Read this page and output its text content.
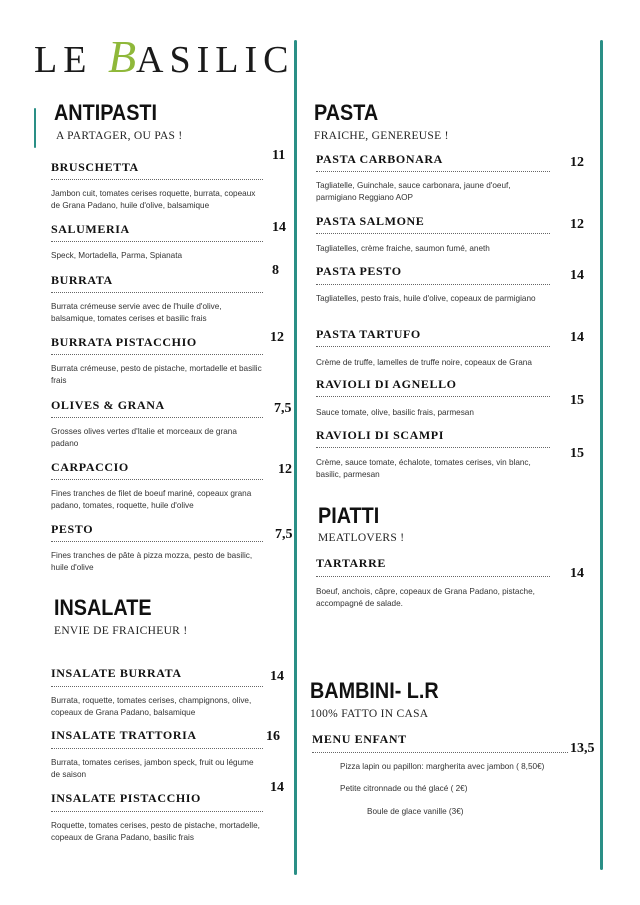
LE BASILIC
ANTIPASTI
A PARTAGER, OU PAS !
BRUSCHETTA
Jambon cuit, tomates cerises roquette, burrata, copeaux de Grana Padano, huile d'olive, balsamique
11
SALUMERIA
Speck, Mortadella, Parma, Spianata
14
BURRATA
Burrata crémeuse servie avec de l'huile d'olive, balsamique, tomates cerises et basilic frais
8
BURRATA PISTACCHIO
Burrata crémeuse, pesto de pistache, mortadelle et basilic frais
12
OLIVES & GRANA
Grosses olives vertes d'Italie et morceaux de grana padano
7,5
CARPACCIO
Fines tranches de filet de boeuf mariné, copeaux grana padano, tomates, roquette, huile d'olive
12
PESTO
Fines tranches de pâte à pizza mozza, pesto de basilic, huile d'olive
7,5
INSALATE
ENVIE DE FRAICHEUR !
INSALATE BURRATA
Burrata, roquette, tomates cerises, champignons, olive, copeaux de Grana Padano, balsamique
14
INSALATE TRATTORIA
Burrata, tomates cerises, jambon speck, fruit ou légume de saison
16
INSALATE PISTACCHIO
Roquette, tomates cerises, pesto de pistache, mortadelle, copeaux de Grana Padano, basilic frais
14
PASTA
FRAICHE, GENEREUSE !
PASTA CARBONARA
Tagliatelle, Guinchale, sauce carbonara, jaune d'oeuf, parmigiano Reggiano AOP
12
PASTA SALMONE
Tagliatelles, crème fraiche, saumon fumé, aneth
12
PASTA PESTO
Tagliatelles, pesto frais, huile d'olive, copeaux de parmigiano
14
PASTA TARTUFO
Crème de truffe, lamelles de truffe noire, copeaux de Grana
14
RAVIOLI DI AGNELLO
Sauce tomate, olive, basilic frais, parmesan
15
RAVIOLI DI SCAMPI
Crème, sauce tomate, échalote, tomates cerises, vin blanc, basilic, parmesan
15
PIATTI
MEATLOVERS !
TARTARRE
Boeuf, anchois, câpre, copeaux de Grana Padano, pistache, accompagné de salade.
14
BAMBINI- L.R
100% FATTO IN CASA
MENU ENFANT
13,5
Pizza lapin ou papillon: margherita avec jambon ( 8,50€)
Petite citronnade ou thé glacé ( 2€)
Boule de glace vanille (3€)
